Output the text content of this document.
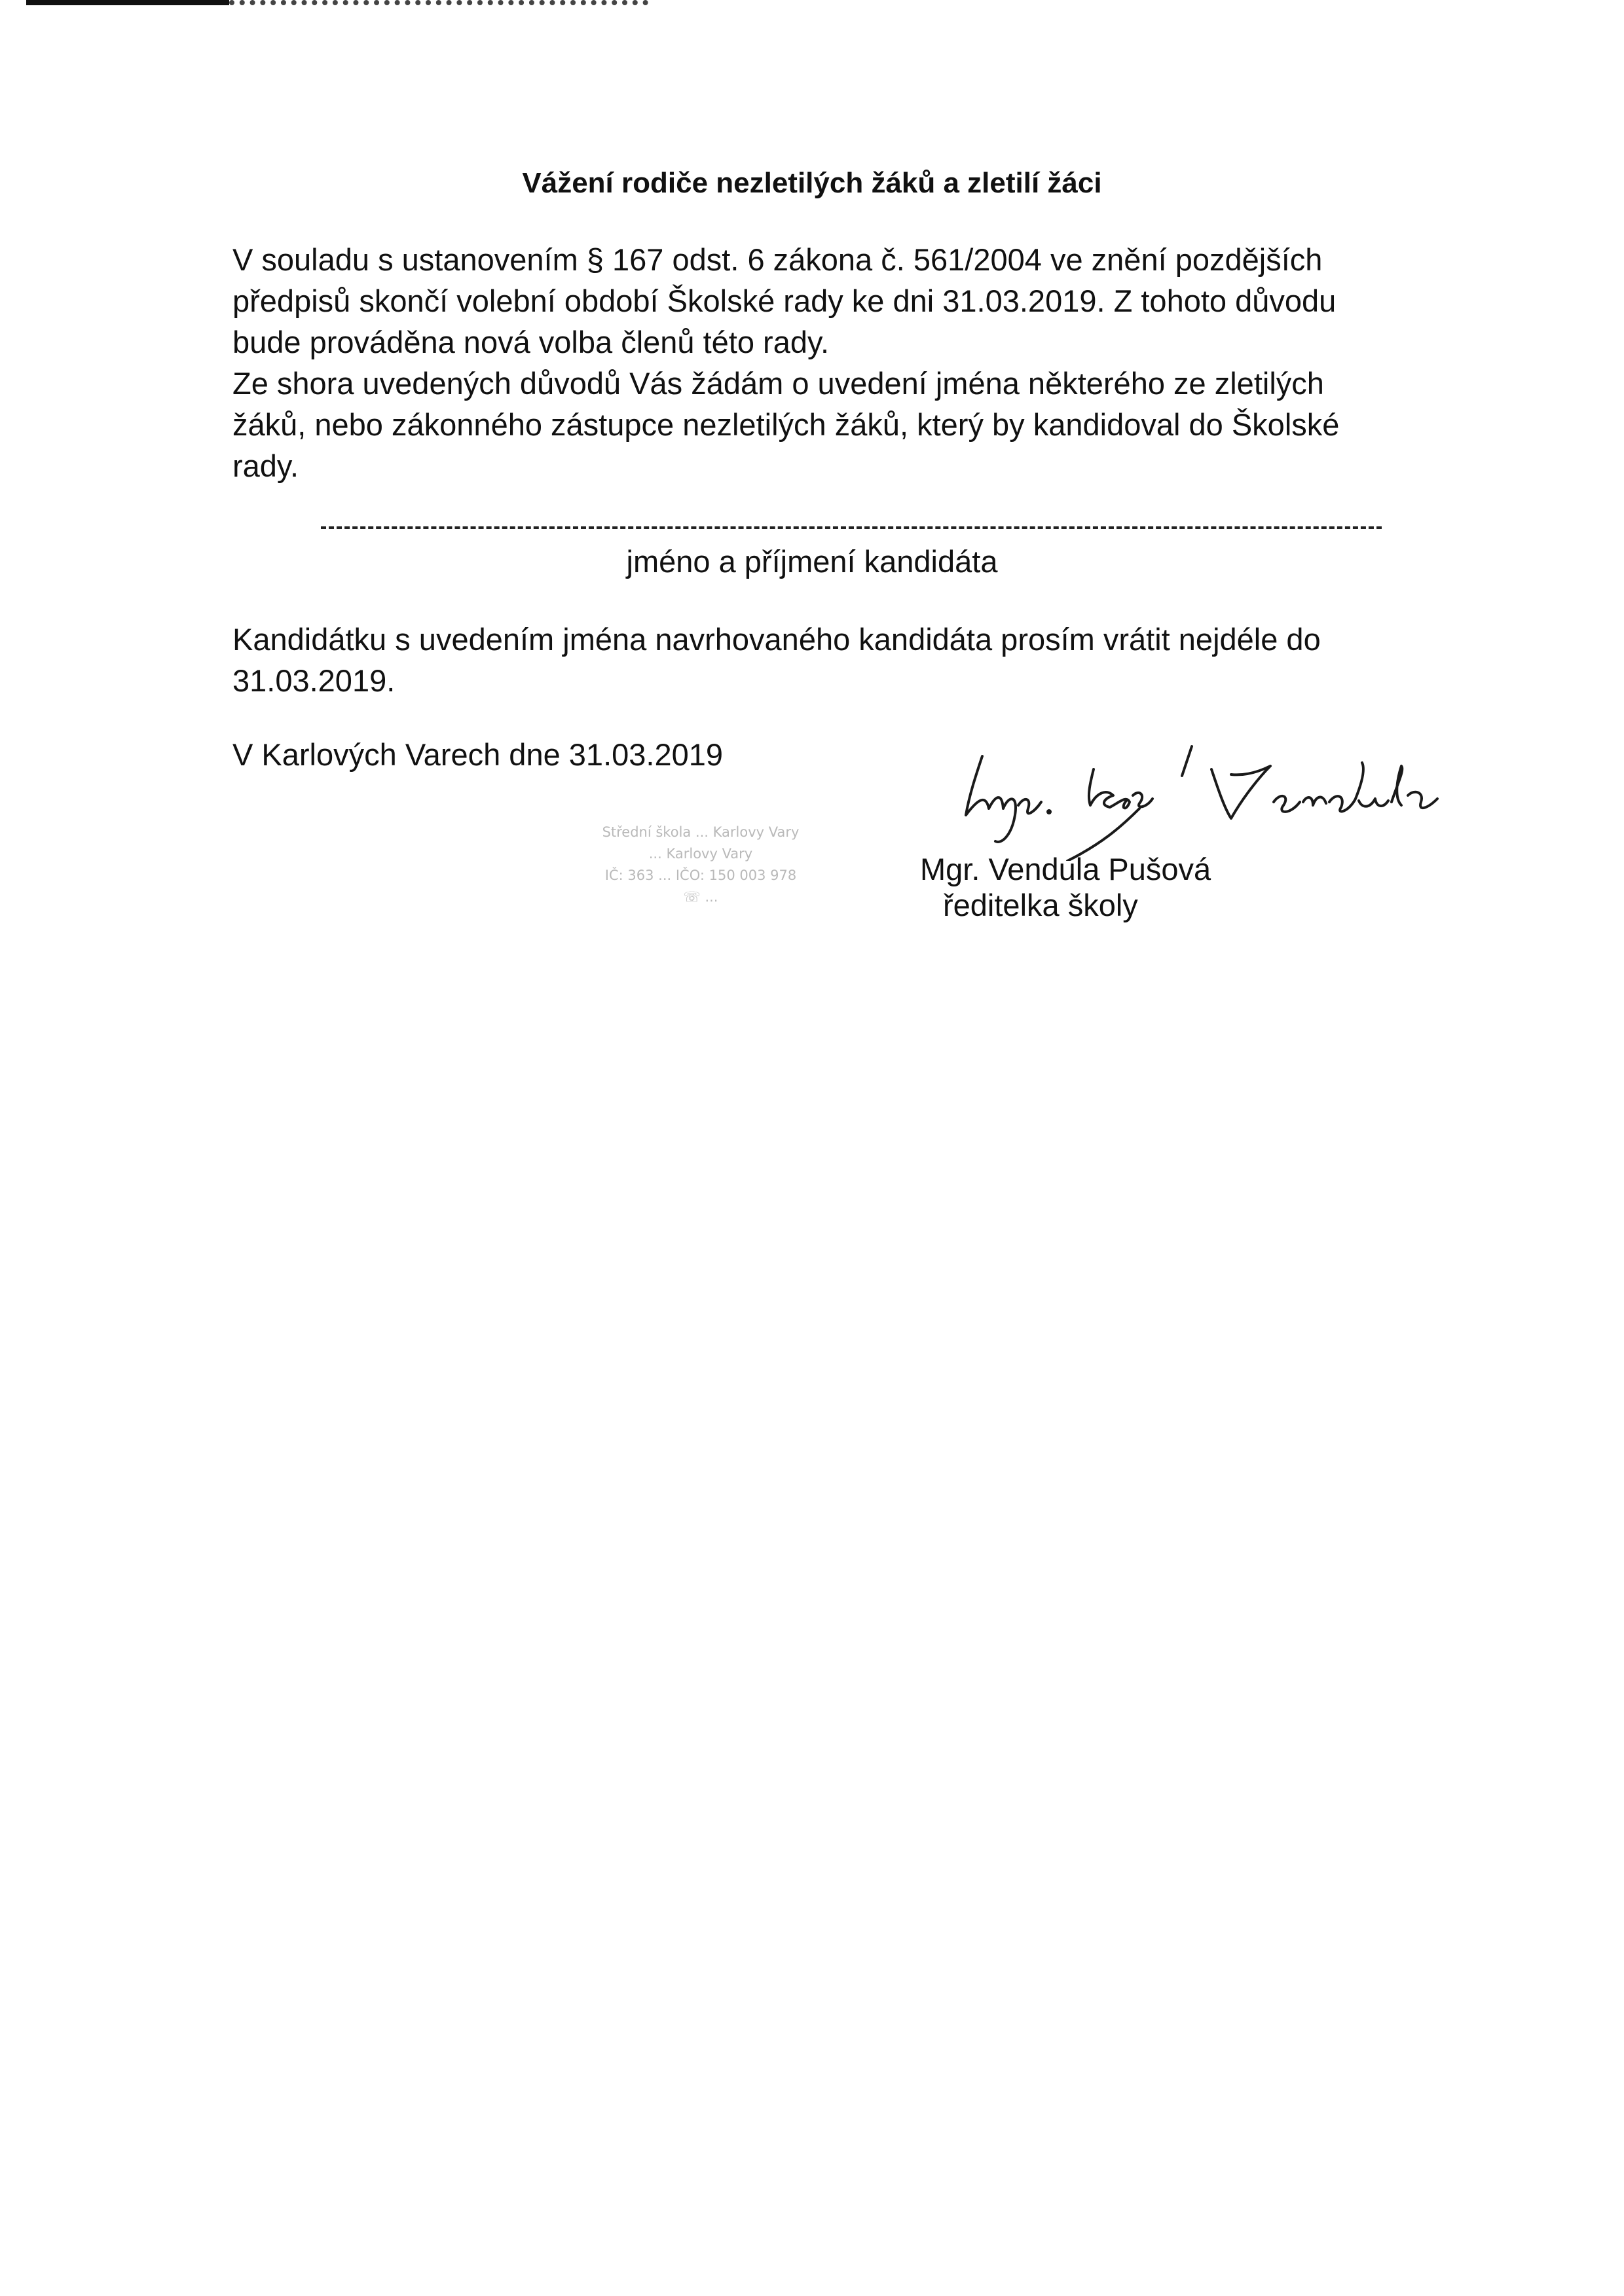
Vážení rodiče nezletilých žáků a zletilí žáci

V souladu s ustanovením § 167 odst. 6 zákona č. 561/2004 ve znění pozdějších
předpisů skončí volební období Školské rady ke dni 31.03.2019. Z tohoto důvodu
bude prováděna nová volba členů této rady.
Ze shora uvedených důvodů Vás žádám o uvedení jména některého ze zletilých
žáků, nebo zákonného zástupce nezletilých žáků, který by kandidoval do Školské
rady.

jméno a příjmení kandidáta

Kandidátku s uvedením jména navrhovaného kandidáta prosím vrátit nejdéle do
31.03.2019.

V Karlových Varech dne 31.03.2019

Střední škola ... Karlovy Vary
... Karlovy Vary
IČ: 363 ... IČO: 150 003 978
☏ ...

Mgr. Vendula Pušová

ředitelka školy
